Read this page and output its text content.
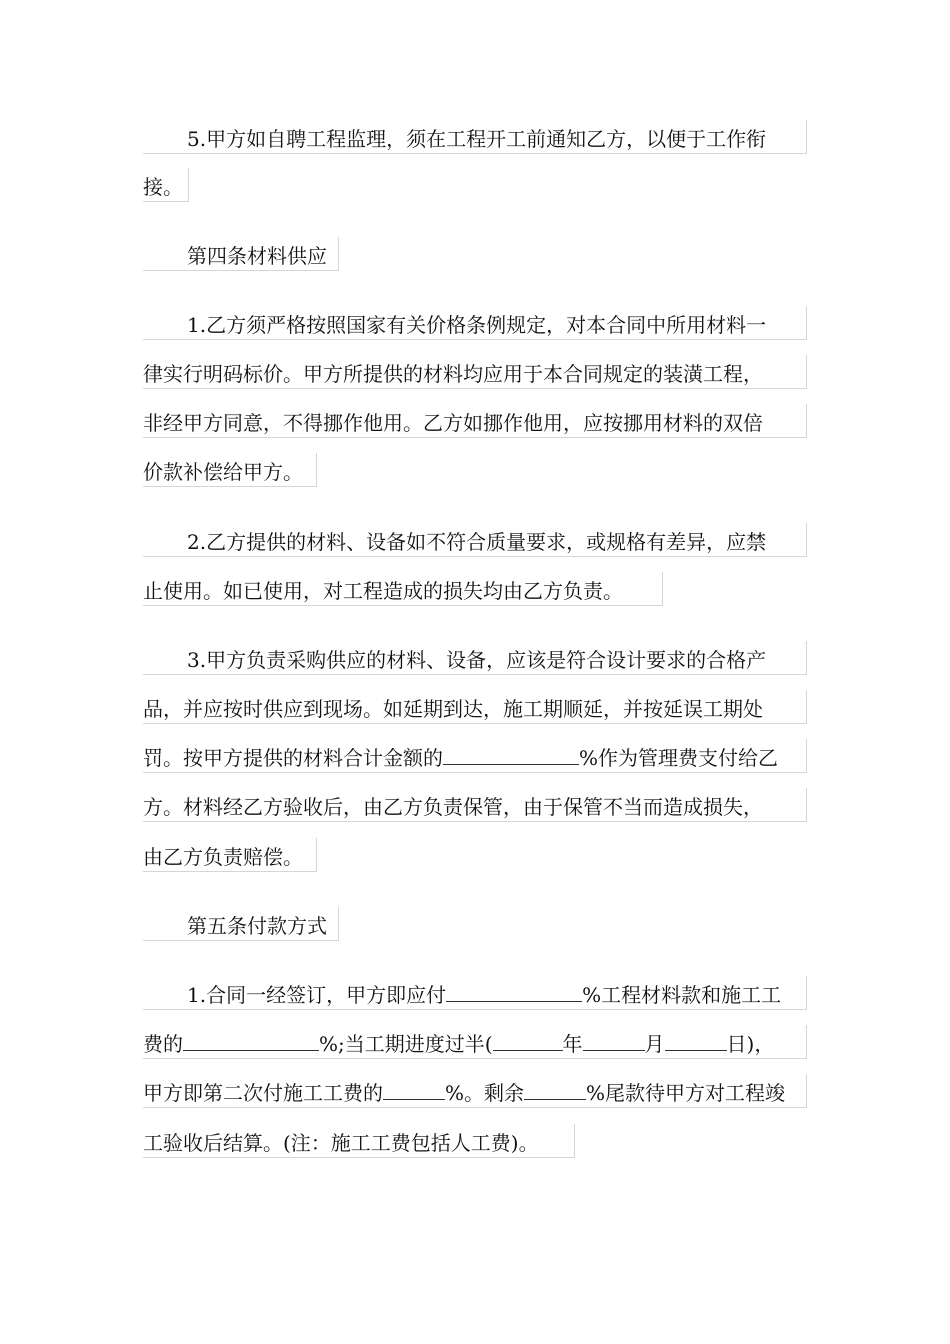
5.甲方如自聘工程监理，须在工程开工前通知乙方，以便于工作衔
接。
第四条材料供应
1.乙方须严格按照国家有关价格条例规定，对本合同中所用材料一
律实行明码标价。甲方所提供的材料均应用于本合同规定的装潢工程，
非经甲方同意，不得挪作他用。乙方如挪作他用，应按挪用材料的双倍
价款补偿给甲方。
2.乙方提供的材料、设备如不符合质量要求，或规格有差异，应禁
止使用。如已使用，对工程造成的损失均由乙方负责。
3.甲方负责采购供应的材料、设备，应该是符合设计要求的合格产
品，并应按时供应到现场。如延期到达，施工期顺延，并按延误工期处
罚。按甲方提供的材料合计金额的	%作为管理费支付给乙
方。材料经乙方验收后，由乙方负责保管，由于保管不当而造成损失，
由乙方负责赔偿。
第五条付款方式
1.合同一经签订，甲方即应付	%工程材料款和施工工
费的	%;当工期进度过半(	年	月	日)，
甲方即第二次付施工工费的	%。剩余	%尾款待甲方对工程竣
工验收后结算。(注：施工工费包括人工费)。
